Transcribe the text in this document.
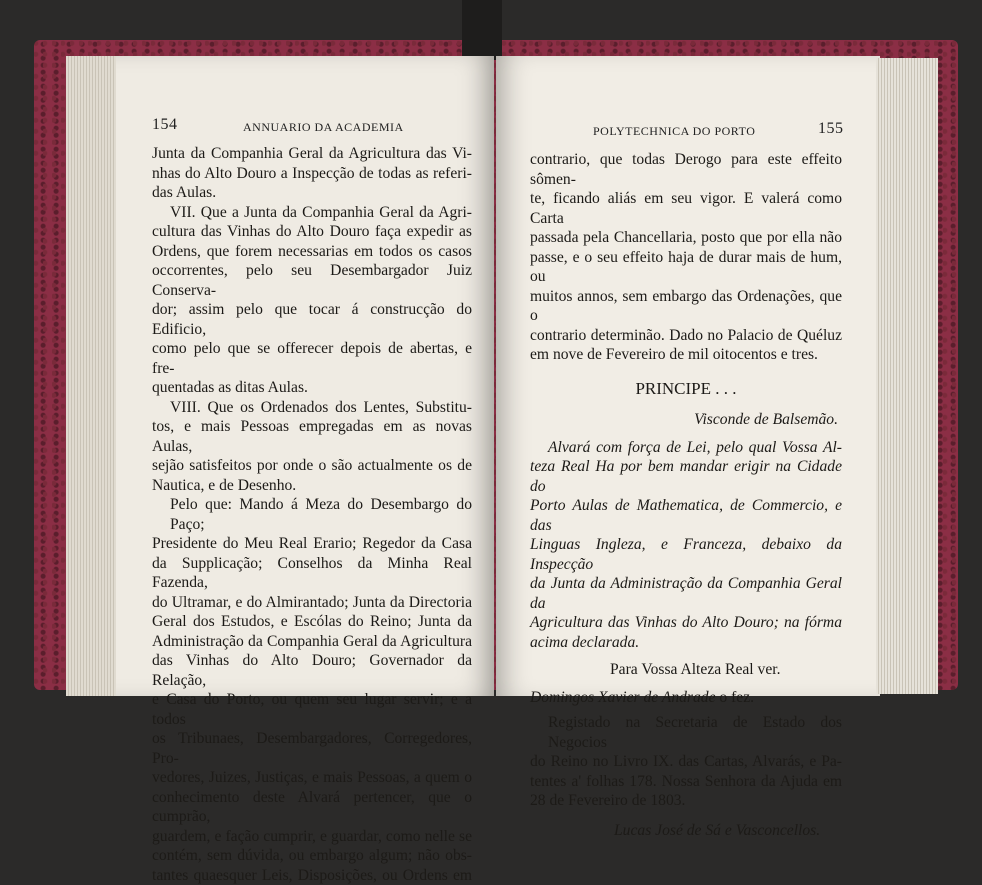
154	ANNUARIO DA ACADEMIA
Junta da Companhia Geral da Agricultura das Vi-
nhas do Alto Douro a Inspecção de todas as referi-
das Aulas.
VII. Que a Junta da Companhia Geral da Agri-
cultura das Vinhas do Alto Douro faça expedir as
Ordens, que forem necessarias em todos os casos
occorrentes, pelo seu Desembargador Juiz Conserva-
dor; assim pelo que tocar á construcção do Edificio,
como pelo que se offerecer depois de abertas, e fre-
quentadas as ditas Aulas.
VIII. Que os Ordenados dos Lentes, Substitu-
tos, e mais Pessoas empregadas em as novas Aulas,
sejão satisfeitos por onde o são actualmente os de
Nautica, e de Desenho.
Pelo que: Mando á Meza do Desembargo do Paço;
Presidente do Meu Real Erario; Regedor da Casa
da Supplicação; Conselhos da Minha Real Fazenda,
do Ultramar, e do Almirantado; Junta da Directoria
Geral dos Estudos, e Escólas do Reino; Junta da
Administração da Companhia Geral da Agricultura
das Vinhas do Alto Douro; Governador da Relação,
e Casa do Porto, ou quem seu lugar servir; e a todos
os Tribunaes, Desembargadores, Corregedores, Pro-
vedores, Juizes, Justiças, e mais Pessoas, a quem o
conhecimento deste Alvará pertencer, que o cumprão,
guardem, e fação cumprir, e guardar, como nelle se
contém, sem dúvida, ou embargo algum; não obs-
tantes quaesquer Leis, Disposições, ou Ordens em
POLYTECHNICA DO PORTO	155
contrario, que todas Derogo para este effeito sômen-
te, ficando aliás em seu vigor. E valerá como Carta
passada pela Chancellaria, posto que por ella não
passe, e o seu effeito haja de durar mais de hum, ou
muitos annos, sem embargo das Ordenações, que o
contrario determinão. Dado no Palacio de Quéluz
em nove de Fevereiro de mil oitocentos e tres.
PRINCIPE . . .
Visconde de Balsemão.
Alvará com força de Lei, pelo qual Vossa Al-
teza Real Ha por bem mandar erigir na Cidade do
Porto Aulas de Mathematica, de Commercio, e das
Linguas Ingleza, e Franceza, debaixo da Inspecção
da Junta da Administração da Companhia Geral da
Agricultura das Vinhas do Alto Douro; na fórma
acima declarada.
Para Vossa Alteza Real ver.
Domingos Xavier de Andrade o fez.
Registado na Secretaria de Estado dos Negocios
do Reino no Livro IX. das Cartas, Alvarás, e Pa-
tentes a' folhas 178. Nossa Senhora da Ajuda em
28 de Fevereiro de 1803.
Lucas José de Sá e Vasconcellos.
